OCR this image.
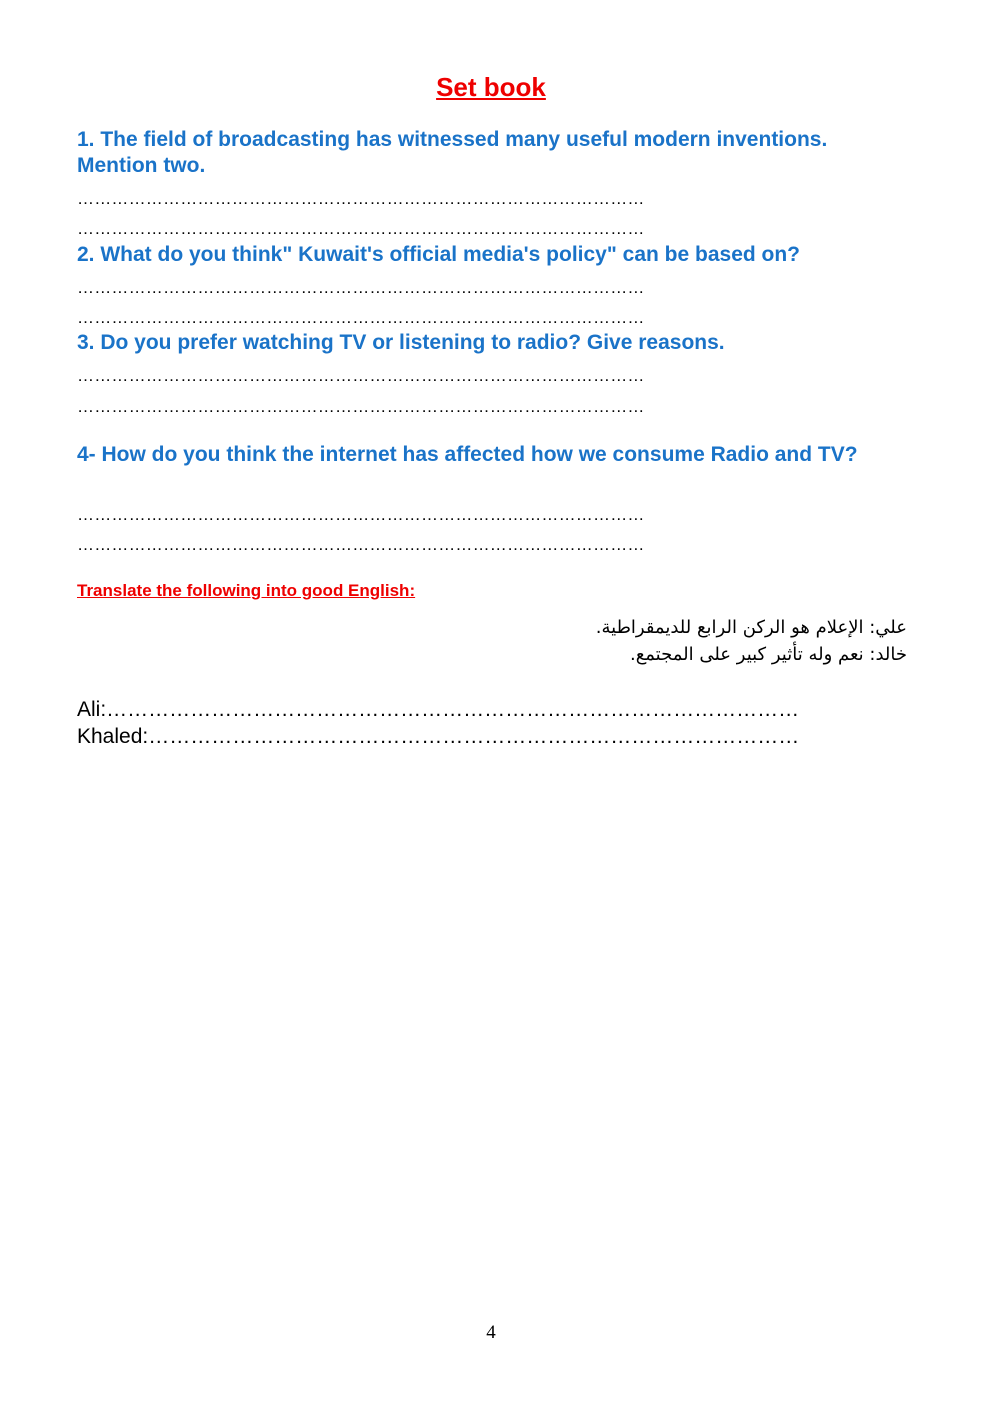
Set book

1. The field of broadcasting has witnessed many useful modern inventions. Mention two.

………………………………………………………………………………………

………………………………………………………………………………………

2. What do you think" Kuwait's official media's policy" can be based on?

………………………………………………………………………………………

………………………………………………………………………………………

3. Do you prefer watching TV or listening to radio? Give reasons.

………………………………………………………………………………………

………………………………………………………………………………………

4- How do you think the internet has affected how we consume Radio and TV?

………………………………………………………………………………………

………………………………………………………………………………………

Translate the following into good English:

علي: الإعلام هو الركن الرابع للديمقراطية.

خالد: نعم وله تأثير كبير على المجتمع.

Ali:………………………………………………………………………………………

Khaled:…………………………………………………………………………………

4
